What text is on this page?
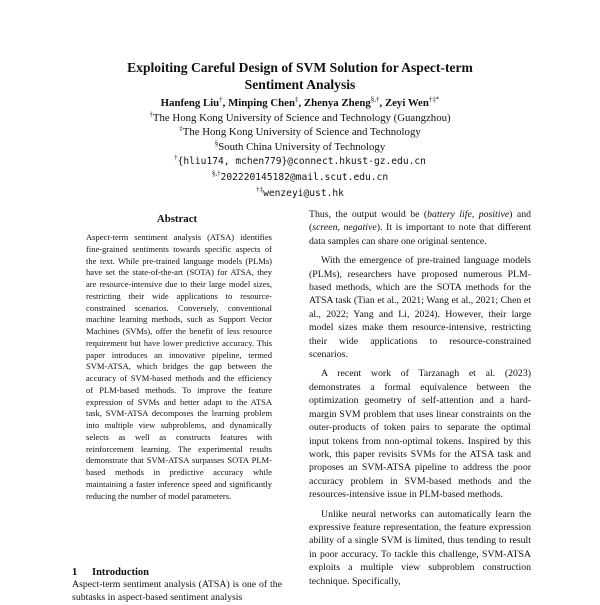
Exploiting Careful Design of SVM Solution for Aspect-term
Sentiment Analysis
Hanfeng Liu†, Minping Chen‡, Zhenya Zheng§,†, Zeyi Wen†‡*
†The Hong Kong University of Science and Technology (Guangzhou)
‡The Hong Kong University of Science and Technology
§South China University of Technology
†{hliu174, mchen779}@connect.hkust-gz.edu.cn
§,†202220145182@mail.scut.edu.cn
†‡wenzeyi@ust.hk
Abstract
Aspect-term sentiment analysis (ATSA) identifies fine-grained sentiments towards specific aspects of the text. While pre-trained language models (PLMs) have set the state-of-the-art (SOTA) for ATSA, they are resource-intensive due to their large model sizes, restricting their wide applications to resource-constrained scenarios. Conversely, conventional machine learning methods, such as Support Vector Machines (SVMs), offer the benefit of less resource requirement but have lower predictive accuracy. This paper introduces an innovative pipeline, termed SVM-ATSA, which bridges the gap between the accuracy of SVM-based methods and the efficiency of PLM-based methods. To improve the feature expression of SVMs and better adapt to the ATSA task, SVM-ATSA decomposes the learning problem into multiple view subproblems, and dynamically selects as well as constructs features with reinforcement learning. The experimental results demonstrate that SVM-ATSA surpasses SOTA PLM-based methods in predictive accuracy while maintaining a faster inference speed and significantly reducing the number of model parameters.
1 Introduction
Aspect-term sentiment analysis (ATSA) is one of the subtasks in aspect-based sentiment analysis

Thus, the output would be (battery life, positive) and (screen, negative). It is important to note that different data samples can share one original sentence.

With the emergence of pre-trained language models (PLMs), researchers have proposed numerous PLM-based methods, which are the SOTA methods for the ATSA task (Tian et al., 2021; Wang et al., 2021; Chen et al., 2022; Yang and Li, 2024). However, their large model sizes make them resource-intensive, restricting their wide applications to resource-constrained scenarios.

A recent work of Tarzanagh et al. (2023) demonstrates a formal equivalence between the optimization geometry of self-attention and a hard-margin SVM problem that uses linear constraints on the outer-products of token pairs to separate the optimal input tokens from non-optimal tokens. Inspired by this work, this paper revisits SVMs for the ATSA task and proposes an SVM-ATSA pipeline to address the poor accuracy problem in SVM-based methods and the resources-intensive issue in PLM-based methods.

Unlike neural networks can automatically learn the expressive feature representation, the feature expression ability of a single SVM is limited, thus tending to result in poor accuracy. To tackle this challenge, SVM-ATSA exploits a multiple view subproblem construction technique. Specifically,
